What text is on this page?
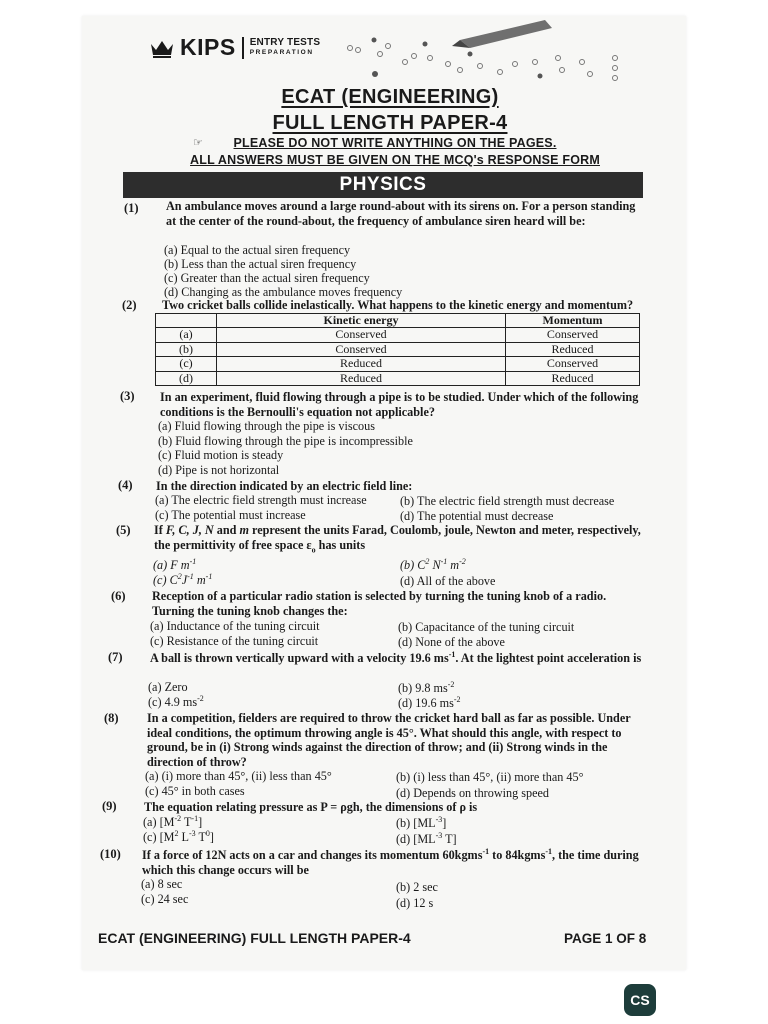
KIPS ENTRY TESTS
PREPARATION
ECAT (ENGINEERING)
FULL LENGTH PAPER-4
☞	PLEASE DO NOT WRITE ANYTHING ON THE PAGES.
ALL ANSWERS MUST BE GIVEN ON THE MCQ's RESPONSE FORM
PHYSICS
(1) An ambulance moves around a large round-about with its sirens on. For a person standing at the center of the round-about, the frequency of ambulance siren heard will be:
(a) Equal to the actual siren frequency
(b) Less than the actual siren frequency
(c) Greater than the actual siren frequency
(d) Changing as the ambulance moves frequency
(2) Two cricket balls collide inelastically. What happens to the kinetic energy and momentum?
	Kinetic energy	Momentum
(a)	Conserved	Conserved
(b)	Conserved	Reduced
(c)	Reduced	Conserved
(d)	Reduced	Reduced
(3) In an experiment, fluid flowing through a pipe is to be studied. Under which of the following conditions is the Bernoulli's equation not applicable?
(a) Fluid flowing through the pipe is viscous
(b) Fluid flowing through the pipe is incompressible
(c) Fluid motion is steady
(d) Pipe is not horizontal
(4) In the direction indicated by an electric field line:
(a) The electric field strength must increase	(b) The electric field strength must decrease
(c) The potential must increase	(d) The potential must decrease
(5) If F, C, J, N and m represent the units Farad, Coulomb, joule, Newton and meter, respectively, the permittivity of free space $\varepsilon_o$ has units
(a) F $m^{-1}$	(b) $C^2$ $N^{-1}$ $m^{-2}$
(c) $C^2J^{-1}$ $m^{-1}$	(d) All of the above
(6) Reception of a particular radio station is selected by turning the tuning knob of a radio. Turning the tuning knob changes the:
(a) Inductance of the tuning circuit	(b) Capacitance of the tuning circuit
(c) Resistance of the tuning circuit	(d) None of the above
(7) A ball is thrown vertically upward with a velocity 19.6 $ms^{-1}$. At the lightest point acceleration is
(a) Zero	(b) 9.8 $ms^{-2}$
(c) 4.9 $ms^{-2}$	(d) 19.6 $ms^{-2}$
(8) In a competition, fielders are required to throw the cricket hard ball as far as possible. Under ideal conditions, the optimum throwing angle is 45°. What should this angle, with respect to ground, be in (i) Strong winds against the direction of throw; and (ii) Strong winds in the direction of throw?
(a) (i) more than 45°, (ii) less than 45°	(b) (i) less than 45°, (ii) more than 45°
(c) 45° in both cases	(d) Depends on throwing speed
(9) The equation relating pressure as P = ρgh, the dimensions of ρ is
(a) [$M^{-2}$ $T^{-1}$]	(b) $[ML^{-3}]$
(c) [$M^2$ $L^{-3}$ $T^0$]	(d) [$ML^{-3}$ T]
(10) If a force of 12N acts on a car and changes its momentum 60kgms$^{-1}$ to 84kgms$^{-1}$, the time during which this change occurs will be
(a) 8 sec	(b) 2 sec
(c) 24 sec	(d) 12 s
ECAT (ENGINEERING) FULL LENGTH PAPER-4	PAGE 1 OF 8
CS
